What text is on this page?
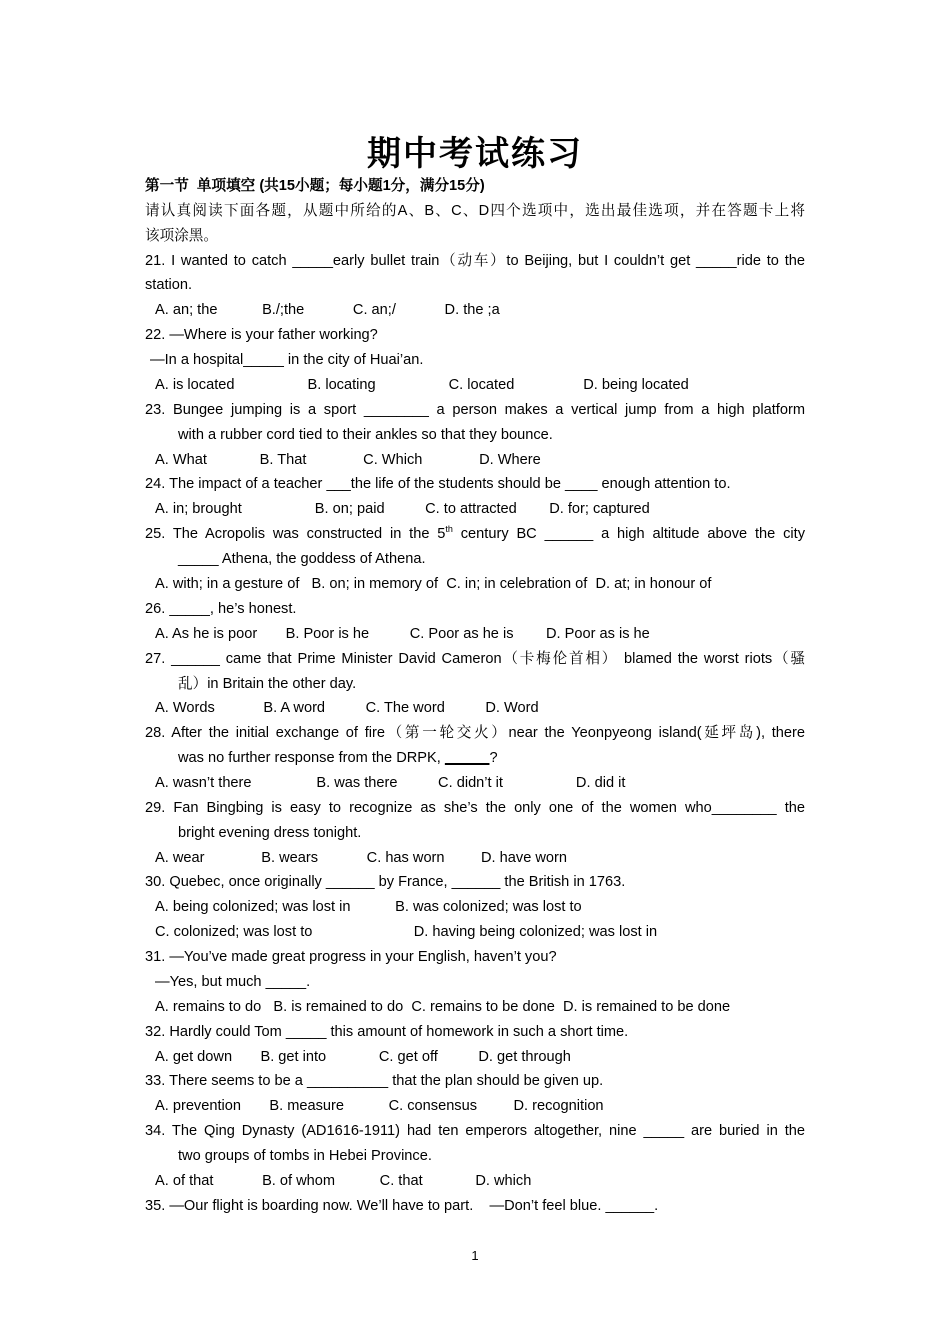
期中考试练习
第一节  单项填空 (共15小题；每小题1分，满分15分)
请认真阅读下面各题，从题中所给的A、B、C、D四个选项中，选出最佳选项，并在答题卡上将
该项涂黑。
21. I wanted to catch _____early bullet train（动车）to Beijing, but I couldn’t get _____ride to the
station.
A. an; the           B./;the            C. an;/            D. the ;a
22. —Where is your father working?
—In a hospital_____ in the city of Huai’an.
A. is located                  B. locating                  C. located                 D. being located
23. Bungee jumping is a sport ________ a person makes a vertical jump from a high platform
with a rubber cord tied to their ankles so that they bounce.
A. What             B. That              C. Which              D. Where
24. The impact of a teacher ___the life of the students should be ____ enough attention to.
A. in; brought                  B. on; paid          C. to attracted        D. for; captured
25. The Acropolis was constructed in the 5th century BC ______ a high altitude above the city
_____ Athena, the goddess of Athena.
A. with; in a gesture of   B. on; in memory of  C. in; in celebration of  D. at; in honour of
26. _____, he’s honest.
A. As he is poor       B. Poor is he          C. Poor as he is        D. Poor as is he
27. ______ came that Prime Minister David Cameron（卡梅伦首相） blamed the worst riots（骚
乱）in Britain the other day.
A. Words            B. A word          C. The word          D. Word
28. After the initial exchange of fire（第一轮交火）near the Yeonpyeong island(延坪岛), there
was no further response from the DRPK,	?
A. wasn’t there                B. was there          C. didn’t it                  D. did it
29. Fan Bingbing is easy to recognize as she’s the only one of the women who________ the
bright evening dress tonight.
A. wear              B. wears            C. has worn         D. have worn
30. Quebec, once originally ______ by France, ______ the British in 1763.
A. being colonized; was lost in           B. was colonized; was lost to
C. colonized; was lost to                         D. having being colonized; was lost in
31. —You’ve made great progress in your English, haven’t you?
—Yes, but much _____.
A. remains to do   B. is remained to do  C. remains to be done  D. is remained to be done
32. Hardly could Tom _____ this amount of homework in such a short time.
A. get down       B. get into             C. get off          D. get through
33. There seems to be a __________ that the plan should be given up.
A. prevention       B. measure           C. consensus         D. recognition
34. The Qing Dynasty (AD1616-1911) had ten emperors altogether, nine _____ are buried in the
two groups of tombs in Hebei Province.
A. of that            B. of whom           C. that             D. which
35. —Our flight is boarding now. We’ll have to part.    —Don’t feel blue. ______.
1
